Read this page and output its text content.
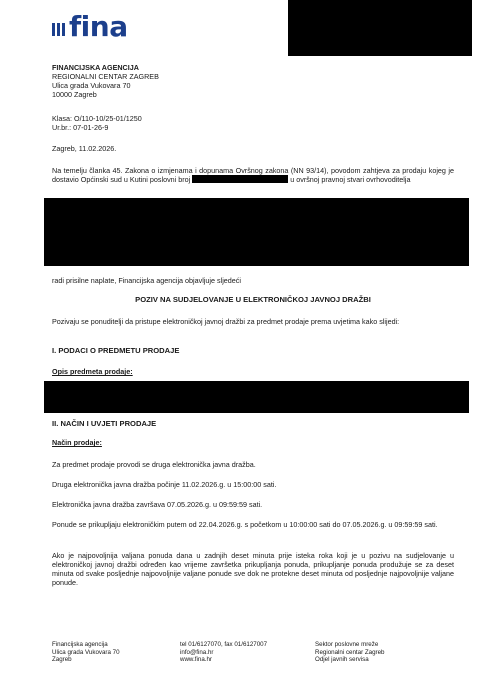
fina
FINANCIJSKA AGENCIJA
REGIONALNI CENTAR ZAGREB
Ulica grada Vukovara 70
10000 Zagreb
Klasa: O/110-10/25-01/1250
Ur.br.: 07-01-26-9
Zagreb, 11.02.2026.
Na temelju članka 45. Zakona o izmjenama i dopunama Ovršnog zakona (NN 93/14), povodom zahtjeva za prodaju kojeg je dostavio Općinski sud u Kutini poslovni broj	u ovršnoj pravnoj stvari ovrhovoditelja
radi prisilne naplate, Financijska agencija objavljuje sljedeći
POZIV NA SUDJELOVANJE U ELEKTRONIČKOJ JAVNOJ DRAŽBI
Pozivaju se ponuditelji da pristupe elektroničkoj javnoj dražbi za predmet prodaje prema uvjetima kako slijedi:
I. PODACI O PREDMETU PRODAJE
Opis predmeta prodaje:
II. NAČIN I UVJETI PRODAJE
Način prodaje:
Za predmet prodaje provodi se druga elektronička javna dražba.
Druga elektronička javna dražba počinje 11.02.2026.g. u 15:00:00 sati.
Elektronička javna dražba završava 07.05.2026.g. u 09:59:59 sati.
Ponude se prikupljaju elektroničkim putem od 22.04.2026.g. s početkom u 10:00:00 sati do 07.05.2026.g. u 09:59:59 sati.
Ako je najpovoljnija valjana ponuda dana u zadnjih deset minuta prije isteka roka koji je u pozivu na sudjelovanje u elektroničkoj javnoj dražbi određen kao vrijeme završetka prikupljanja ponuda, prikupljanje ponuda produžuje se za deset minuta od svake posljednje najpovoljnije valjane ponude sve dok ne protekne deset minuta od posljednje najpovoljnije valjane ponude.
Financijska agencija
Ulica grada Vukovara 70
Zagreb
tel 01/6127070, fax 01/6127007
info@fina.hr
www.fina.hr
Sektor poslovne mreže
Regionalni centar Zagreb
Odjel javnih servisa
